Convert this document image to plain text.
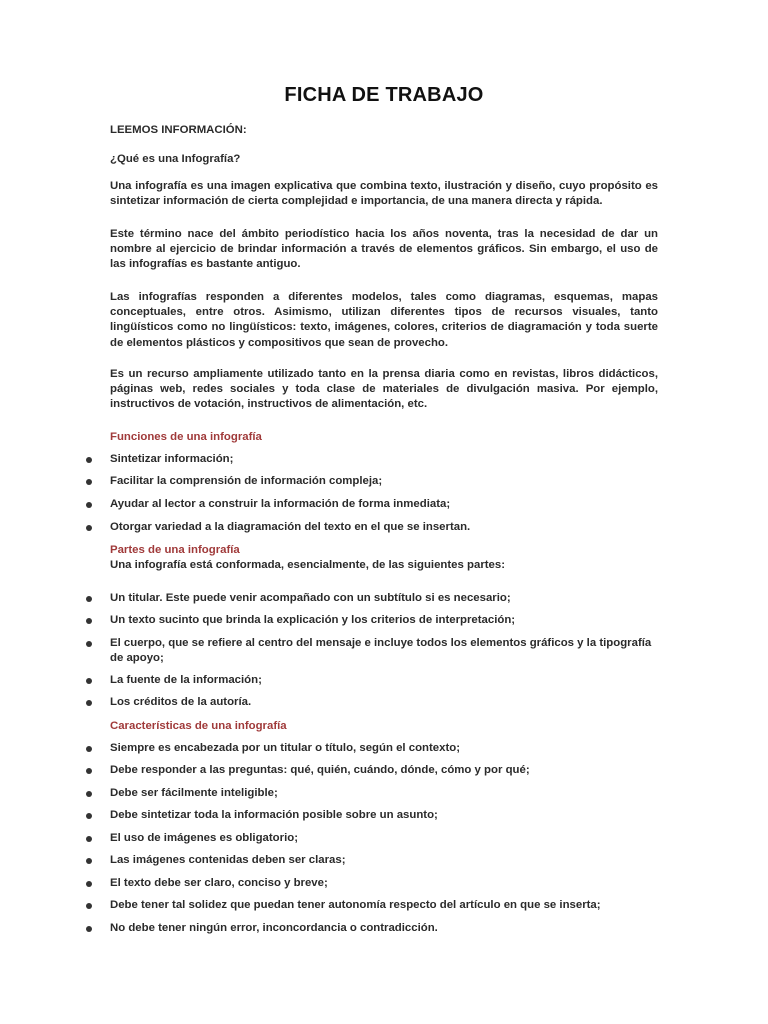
FICHA DE TRABAJO
LEEMOS INFORMACIÓN:
¿Qué es una Infografía?
Una infografía es una imagen explicativa que combina texto, ilustración y diseño, cuyo propósito es sintetizar información de cierta complejidad e importancia, de una manera directa y rápida.
Este término nace del ámbito periodístico hacia los años noventa, tras la necesidad de dar un nombre al ejercicio de brindar información a través de elementos gráficos. Sin embargo, el uso de las infografías es bastante antiguo.
Las infografías responden a diferentes modelos, tales como diagramas, esquemas, mapas conceptuales, entre otros. Asimismo, utilizan diferentes tipos de recursos visuales, tanto lingüísticos como no lingüísticos: texto, imágenes, colores, criterios de diagramación y toda suerte de elementos plásticos y compositivos que sean de provecho.
Es un recurso ampliamente utilizado tanto en la prensa diaria como en revistas, libros didácticos, páginas web, redes sociales y toda clase de materiales de divulgación masiva. Por ejemplo, instructivos de votación, instructivos de alimentación, etc.
Funciones de una infografía
Sintetizar información;
Facilitar la comprensión de información compleja;
Ayudar al lector a construir la información de forma inmediata;
Otorgar variedad a la diagramación del texto en el que se insertan.
Partes de una infografía
Una infografía está conformada, esencialmente, de las siguientes partes:
Un titular. Este puede venir acompañado con un subtítulo si es necesario;
Un texto sucinto que brinda la explicación y los criterios de interpretación;
El cuerpo, que se refiere al centro del mensaje e incluye todos los elementos gráficos y la tipografía de apoyo;
La fuente de la información;
Los créditos de la autoría.
Características de una infografía
Siempre es encabezada por un titular o título, según el contexto;
Debe responder a las preguntas: qué, quién, cuándo, dónde, cómo y por qué;
Debe ser fácilmente inteligible;
Debe sintetizar toda la información posible sobre un asunto;
El uso de imágenes es obligatorio;
Las imágenes contenidas deben ser claras;
El texto debe ser claro, conciso y breve;
Debe tener tal solidez que puedan tener autonomía respecto del artículo en que se inserta;
No debe tener ningún error, inconcordancia o contradicción.
